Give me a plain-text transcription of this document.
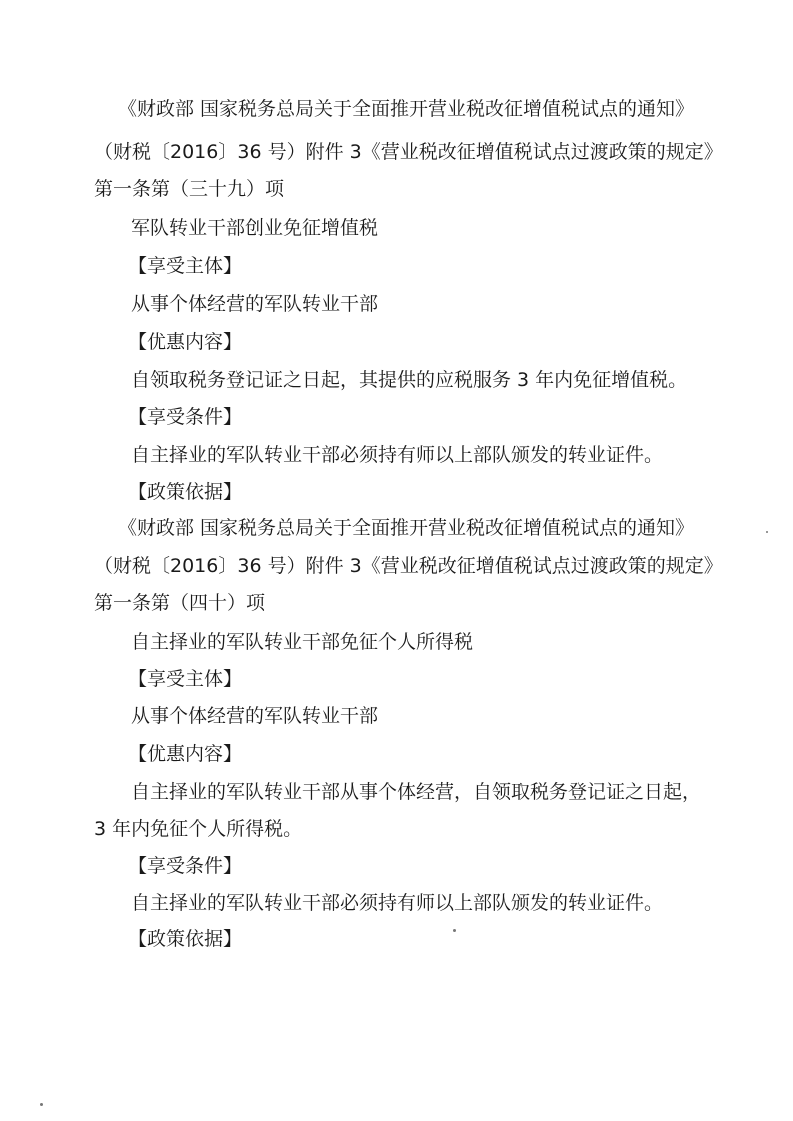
《财政部 国家税务总局关于全面推开营业税改征增值税试点的通知》
（财税〔2016〕36 号）附件 3《营业税改征增值税试点过渡政策的规定》
第一条第（三十九）项
军队转业干部创业免征增值税
【享受主体】
从事个体经营的军队转业干部
【优惠内容】
自领取税务登记证之日起，其提供的应税服务 3 年内免征增值税。
【享受条件】
自主择业的军队转业干部必须持有师以上部队颁发的转业证件。
【政策依据】
《财政部 国家税务总局关于全面推开营业税改征增值税试点的通知》
（财税〔2016〕36 号）附件 3《营业税改征增值税试点过渡政策的规定》
第一条第（四十）项
自主择业的军队转业干部免征个人所得税
【享受主体】
从事个体经营的军队转业干部
【优惠内容】
自主择业的军队转业干部从事个体经营，自领取税务登记证之日起，
3 年内免征个人所得税。
【享受条件】
自主择业的军队转业干部必须持有师以上部队颁发的转业证件。
【政策依据】
